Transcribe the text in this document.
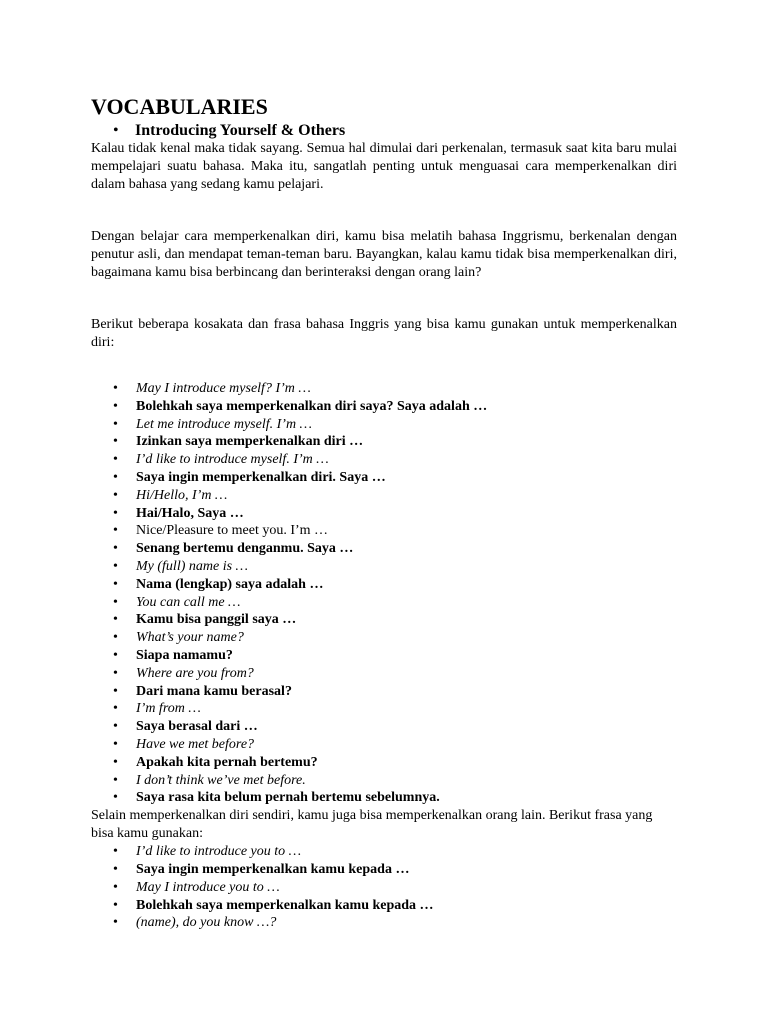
VOCABULARIES
• Introducing Yourself & Others

Kalau tidak kenal maka tidak sayang. Semua hal dimulai dari perkenalan, termasuk saat kita baru mulai mempelajari suatu bahasa. Maka itu, sangatlah penting untuk menguasai cara memperkenalkan diri dalam bahasa yang sedang kamu pelajari.

Dengan belajar cara memperkenalkan diri, kamu bisa melatih bahasa Inggrismu, berkenalan dengan penutur asli, dan mendapat teman-teman baru. Bayangkan, kalau kamu tidak bisa memperkenalkan diri, bagaimana kamu bisa berbincang dan berinteraksi dengan orang lain?

Berikut beberapa kosakata dan frasa bahasa Inggris yang bisa kamu gunakan untuk memperkenalkan diri:

• May I introduce myself? I’m …
• Bolehkah saya memperkenalkan diri saya? Saya adalah …
• Let me introduce myself. I’m …
• Izinkan saya memperkenalkan diri …
• I’d like to introduce myself. I’m …
• Saya ingin memperkenalkan diri. Saya …
• Hi/Hello, I’m …
• Hai/Halo, Saya …
• Nice/Pleasure to meet you. I’m …
• Senang bertemu denganmu. Saya …
• My (full) name is …
• Nama (lengkap) saya adalah …
• You can call me …
• Kamu bisa panggil saya …
• What’s your name?
• Siapa namamu?
• Where are you from?
• Dari mana kamu berasal?
• I’m from …
• Saya berasal dari …
• Have we met before?
• Apakah kita pernah bertemu?
• I don’t think we’ve met before.
• Saya rasa kita belum pernah bertemu sebelumnya.

Selain memperkenalkan diri sendiri, kamu juga bisa memperkenalkan orang lain. Berikut frasa yang bisa kamu gunakan:

• I’d like to introduce you to …
• Saya ingin memperkenalkan kamu kepada …
• May I introduce you to …
• Bolehkah saya memperkenalkan kamu kepada …
• (name), do you know …?
